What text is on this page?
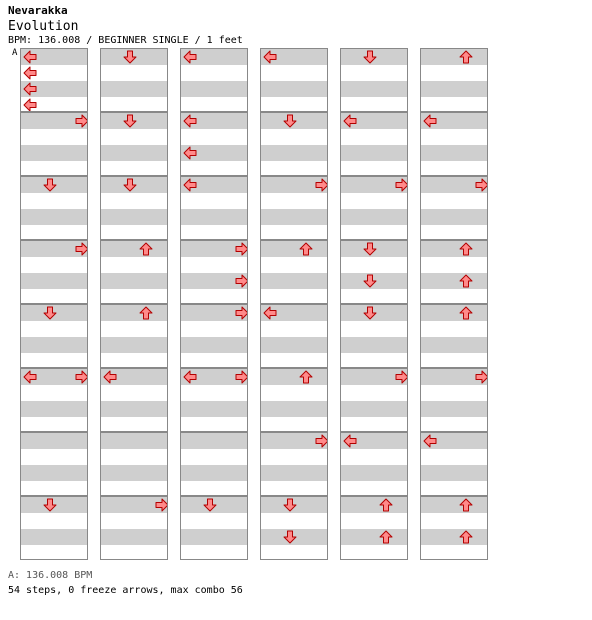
Nevarakka
Evolution
BPM: 136.008 / BEGINNER SINGLE / 1 feet
A
A: 136.008 BPM
54 steps, 0 freeze arrows, max combo 56
